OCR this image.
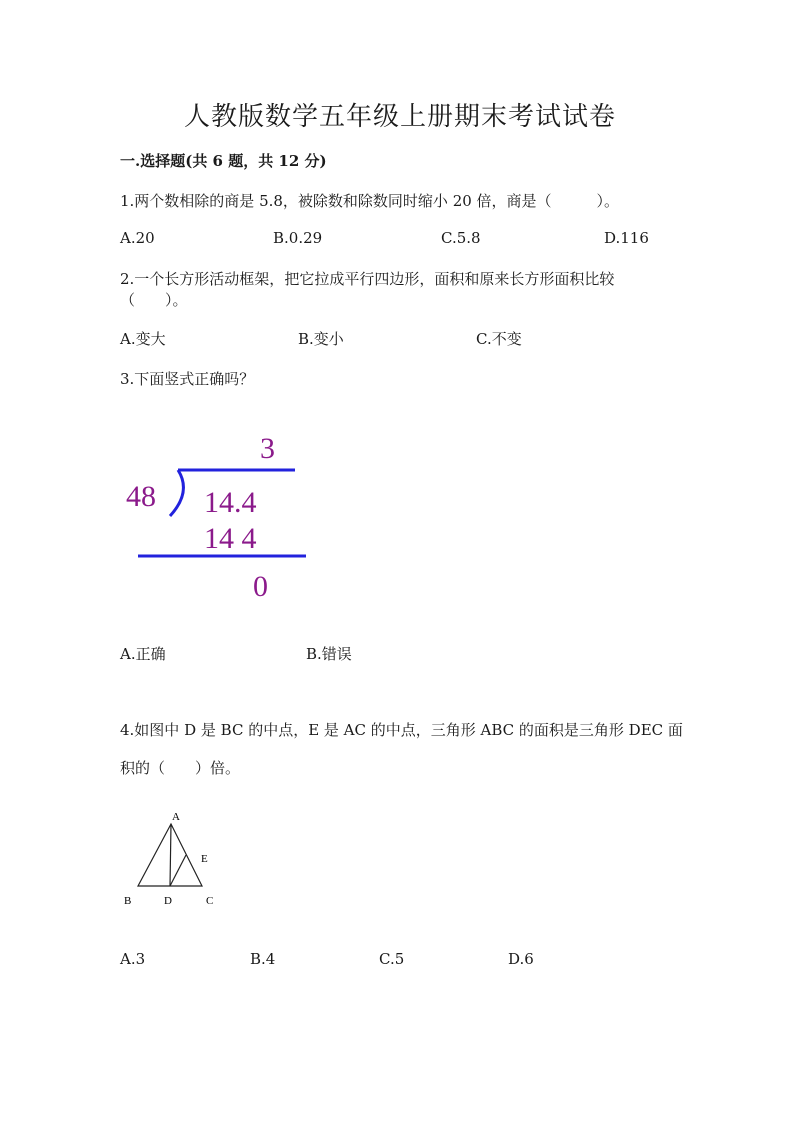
人教版数学五年级上册期末考试试卷
一.选择题(共 6 题，共 12 分)
1.两个数相除的商是 5.8，被除数和除数同时缩小 20 倍，商是（　　　）。
A.20	B.0.29	C.5.8	D.116
2.一个长方形活动框架，把它拉成平行四边形，面积和原来长方形面积比较
（　　）。
A.变大	B.变小	C.不变
3.下面竖式正确吗？
3
48 14.4
14 4
0
A.正确	B.错误
4.如图中 D 是 BC 的中点，E 是 AC 的中点，三角形 ABC 的面积是三角形 DEC 面
积的（　　）倍。
A
E
B	D	C
A.3	B.4	C.5	D.6
